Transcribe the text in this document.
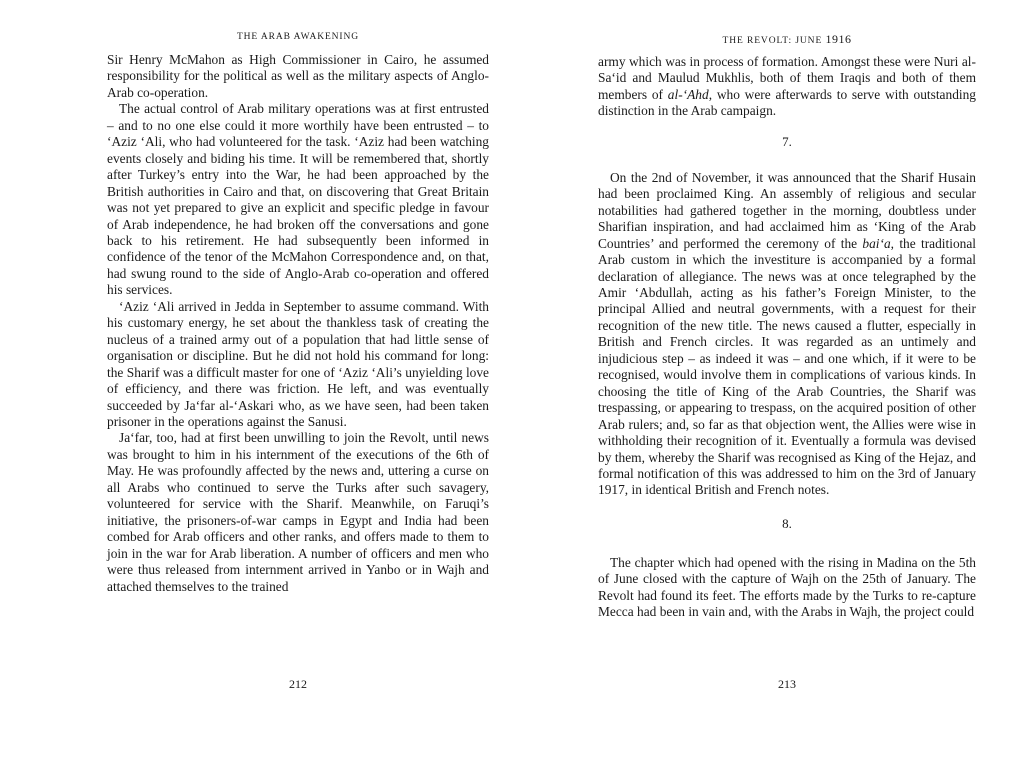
THE ARAB AWAKENING

Sir Henry McMahon as High Commissioner in Cairo, he assumed responsibility for the political as well as the military aspects of Anglo-Arab co-operation.

The actual control of Arab military operations was at first entrusted – and to no one else could it more worthily have been entrusted – to ‘Aziz ‘Ali, who had volunteered for the task. ‘Aziz had been watching events closely and biding his time. It will be remembered that, shortly after Turkey’s entry into the War, he had been approached by the British authorities in Cairo and that, on discovering that Great Britain was not yet prepared to give an explicit and specific pledge in favour of Arab independence, he had broken off the conversations and gone back to his retirement. He had subsequently been informed in confidence of the tenor of the McMahon Correspondence and, on that, had swung round to the side of Anglo-Arab co-operation and offered his services.

‘Aziz ‘Ali arrived in Jedda in September to assume command. With his customary energy, he set about the thankless task of creating the nucleus of a trained army out of a population that had little sense of organisation or discipline. But he did not hold his command for long: the Sharif was a difficult master for one of ‘Aziz ‘Ali’s unyielding love of efficiency, and there was friction. He left, and was eventually succeeded by Ja‘far al-‘Askari who, as we have seen, had been taken prisoner in the operations against the Sanusi.

Ja‘far, too, had at first been unwilling to join the Revolt, until news was brought to him in his internment of the executions of the 6th of May. He was profoundly affected by the news and, uttering a curse on all Arabs who continued to serve the Turks after such savagery, volunteered for service with the Sharif. Meanwhile, on Faruqi’s initiative, the prisoners-of-war camps in Egypt and India had been combed for Arab officers and other ranks, and offers made to them to join in the war for Arab liberation. A number of officers and men who were thus released from internment arrived in Yanbo or in Wajh and attached themselves to the trained

212
THE REVOLT: JUNE 1916

army which was in process of formation. Amongst these were Nuri al-Sa‘id and Maulud Mukhlis, both of them Iraqis and both of them members of al-‘Ahd, who were afterwards to serve with outstanding distinction in the Arab campaign.

7.

On the 2nd of November, it was announced that the Sharif Husain had been proclaimed King. An assembly of religious and secular notabilities had gathered together in the morning, doubtless under Sharifian inspiration, and had acclaimed him as ‘King of the Arab Countries’ and performed the ceremony of the bai‘a, the traditional Arab custom in which the investiture is accompanied by a formal declaration of allegiance. The news was at once telegraphed by the Amir ‘Abdullah, acting as his father’s Foreign Minister, to the principal Allied and neutral governments, with a request for their recognition of the new title. The news caused a flutter, especially in British and French circles. It was regarded as an untimely and injudicious step – as indeed it was – and one which, if it were to be recognised, would involve them in complications of various kinds. In choosing the title of King of the Arab Countries, the Sharif was trespassing, or appearing to trespass, on the acquired position of other Arab rulers; and, so far as that objection went, the Allies were wise in withholding their recognition of it. Eventually a formula was devised by them, whereby the Sharif was recognised as King of the Hejaz, and formal notification of this was addressed to him on the 3rd of January 1917, in identical British and French notes.

8.

The chapter which had opened with the rising in Madina on the 5th of June closed with the capture of Wajh on the 25th of January. The Revolt had found its feet. The efforts made by the Turks to re-capture Mecca had been in vain and, with the Arabs in Wajh, the project could

213
